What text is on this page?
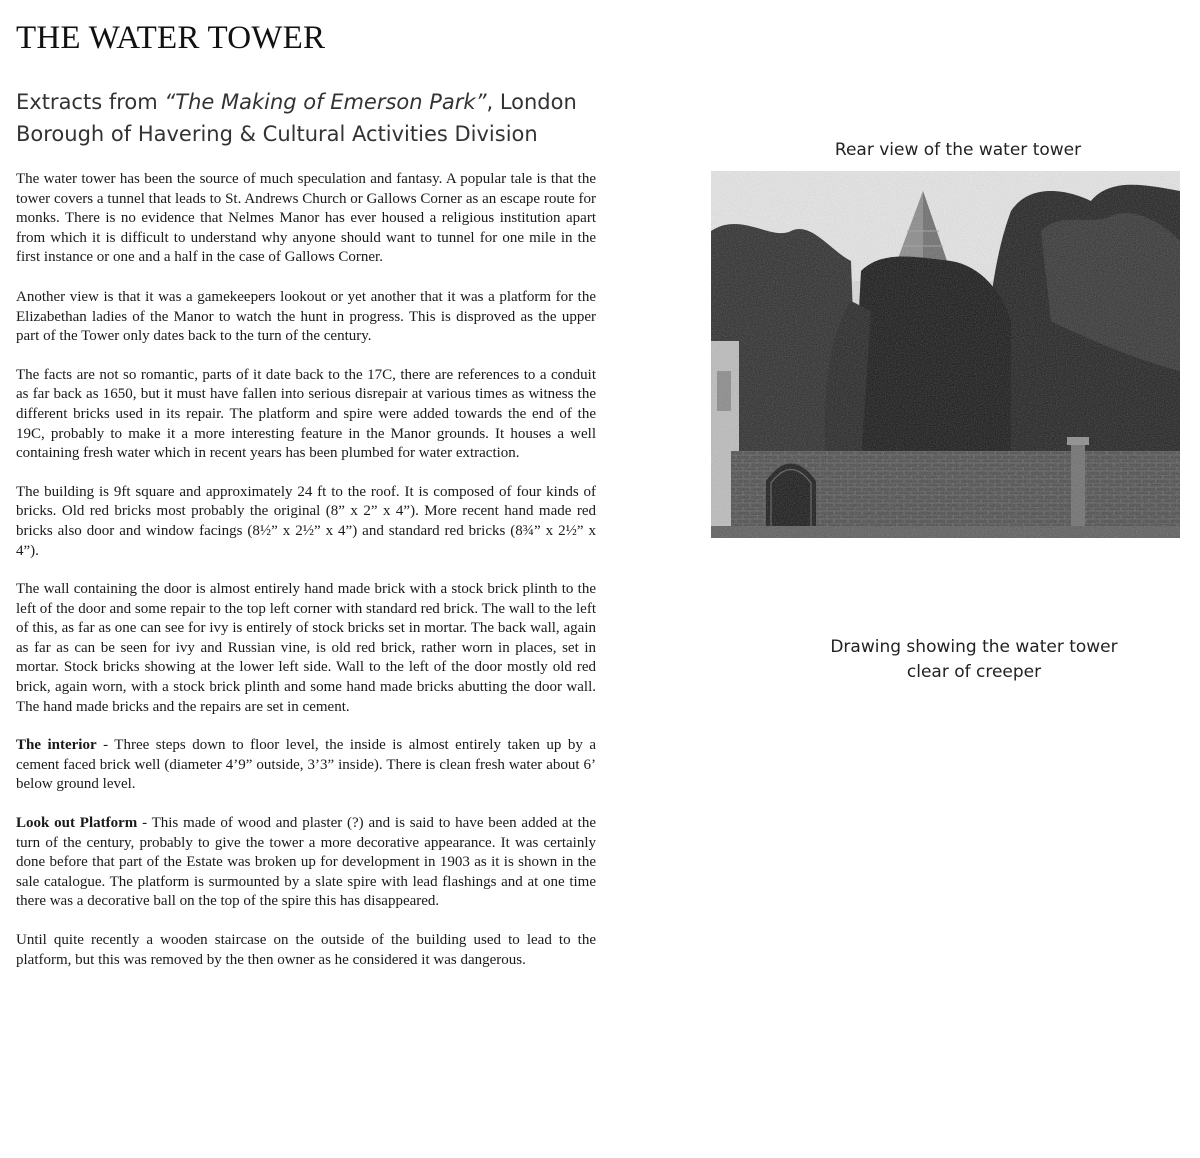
THE WATER TOWER

Extracts from “The Making of Emerson Park”, London Borough of Havering & Cultural Activities Division

The water tower has been the source of much speculation and fantasy. A popular tale is that the tower covers a tunnel that leads to St. Andrews Church or Gallows Corner as an escape route for monks. There is no evidence that Nelmes Manor has ever housed a religious institution apart from which it is difficult to understand why anyone should want to tunnel for one mile in the first instance or one and a half in the case of Gallows Corner.

Another view is that it was a gamekeepers lookout or yet another that it was a platform for the Elizabethan ladies of the Manor to watch the hunt in progress. This is disproved as the upper part of the Tower only dates back to the turn of the century.

The facts are not so romantic, parts of it date back to the 17C, there are references to a conduit as far back as 1650, but it must have fallen into serious disrepair at various times as witness the different bricks used in its repair. The platform and spire were added towards the end of the 19C, probably to make it a more interesting feature in the Manor grounds. It houses a well containing fresh water which in recent years has been plumbed for water extraction.

The building is 9ft square and approximately 24 ft to the roof. It is composed of four kinds of bricks. Old red bricks most probably the original (8” x 2” x 4”). More recent hand made red bricks also door and window facings (8½” x 2½” x 4”) and standard red bricks (8¾” x 2½” x 4”).

The wall containing the door is almost entirely hand made brick with a stock brick plinth to the left of the door and some repair to the top left corner with standard red brick. The wall to the left of this, as far as one can see for ivy is entirely of stock bricks set in mortar. The back wall, again as far as can be seen for ivy and Russian vine, is old red brick, rather worn in places, set in mortar. Stock bricks showing at the lower left side. Wall to the left of the door mostly old red brick, again worn, with a stock brick plinth and some hand made bricks abutting the door wall. The hand made bricks and the repairs are set in cement.

The interior - Three steps down to floor level, the inside is almost entirely taken up by a cement faced brick well (diameter 4’9” outside, 3’3” inside). There is clean fresh water about 6’ below ground level.

Look out Platform - This made of wood and plaster (?) and is said to have been added at the turn of the century, probably to give the tower a more decorative appearance. It was certainly done before that part of the Estate was broken up for development in 1903 as it is shown in the sale catalogue. The platform is surmounted by a slate spire with lead flashings and at one time there was a decorative ball on the top of the spire this has disappeared.

Until quite recently a wooden staircase on the outside of the building used to lead to the platform, but this was removed by the then owner as he considered it was dangerous.

Rear view of the water tower
Drawing showing the water tower clear of creeper
